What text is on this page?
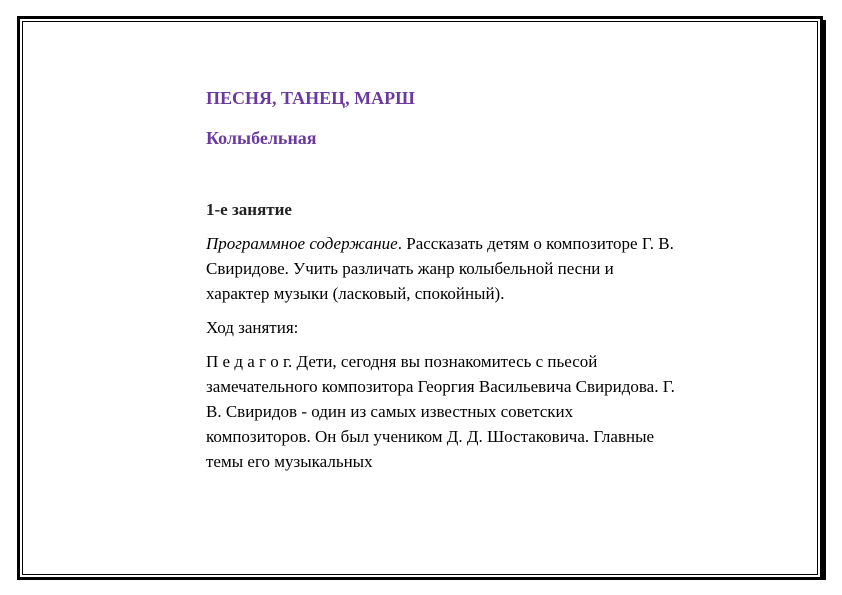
ПЕСНЯ, ТАНЕЦ, МАРШ

Колыбельная

1-е занятие

Программное содержание. Рассказать детям о композиторе Г. В. Свиридове. Учить различать жанр колыбельной песни и характер музыки (ласковый, спокойный).

Ход занятия:

П е д а г о г. Дети, сегодня вы познакомитесь с пьесой замечательного композитора Георгия Васильевича Свиридова. Г. В. Свиридов - один из самых известных советских композиторов. Он был учеником Д. Д. Шостаковича. Главные темы его музыкальных
